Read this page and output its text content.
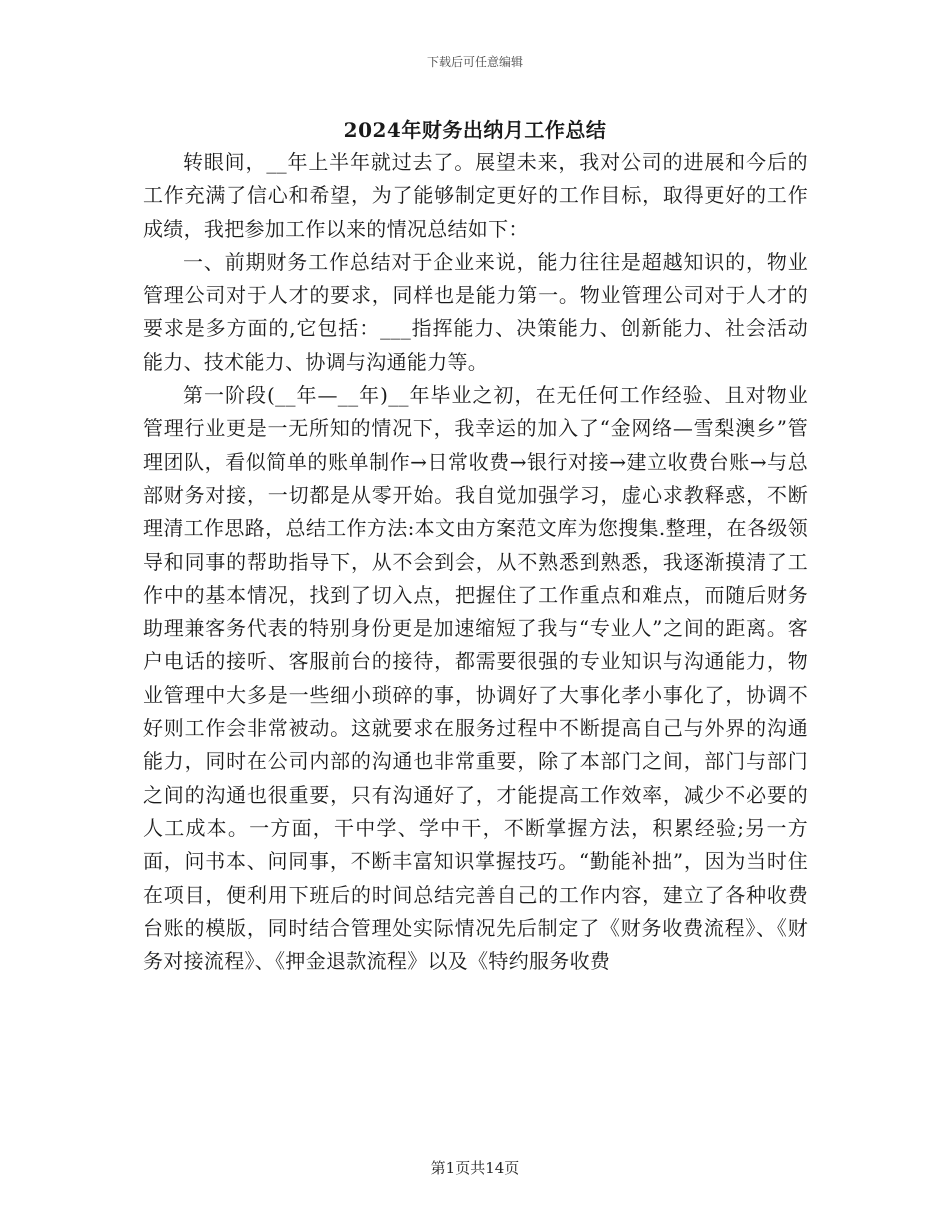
下载后可任意编辑
2024年财务出纳月工作总结

转眼间，__年上半年就过去了。展望未来，我对公司的进展和今后的工作充满了信心和希望，为了能够制定更好的工作目标，取得更好的工作成绩，我把参加工作以来的情况总结如下：

一、前期财务工作总结对于企业来说，能力往往是超越知识的，物业管理公司对于人才的要求，同样也是能力第一。物业管理公司对于人才的要求是多方面的,它包括：___指挥能力、决策能力、创新能力、社会活动能力、技术能力、协调与沟通能力等。

第一阶段(__年—__年)__年毕业之初，在无任何工作经验、且对物业管理行业更是一无所知的情况下，我幸运的加入了“金网络—雪梨澳乡”管理团队，看似简单的账单制作→日常收费→银行对接→建立收费台账→与总部财务对接，一切都是从零开始。我自觉加强学习，虚心求教释惑，不断理清工作思路，总结工作方法:本文由方案范文库为您搜集.整理，在各级领导和同事的帮助指导下，从不会到会，从不熟悉到熟悉，我逐渐摸清了工作中的基本情况，找到了切入点，把握住了工作重点和难点，而随后财务助理兼客务代表的特别身份更是加速缩短了我与“专业人”之间的距离。客户电话的接听、客服前台的接待，都需要很强的专业知识与沟通能力，物业管理中大多是一些细小琐碎的事，协调好了大事化孝小事化了，协调不好则工作会非常被动。这就要求在服务过程中不断提高自己与外界的沟通能力，同时在公司内部的沟通也非常重要，除了本部门之间，部门与部门之间的沟通也很重要，只有沟通好了，才能提高工作效率，减少不必要的人工成本。一方面，干中学、学中干，不断掌握方法，积累经验;另一方面，问书本、问同事，不断丰富知识掌握技巧。“勤能补拙”，因为当时住在项目，便利用下班后的时间总结完善自己的工作内容，建立了各种收费台账的模版，同时结合管理处实际情况先后制定了《财务收费流程》、《财务对接流程》、《押金退款流程》以及《特约服务收费

第1页共14页
